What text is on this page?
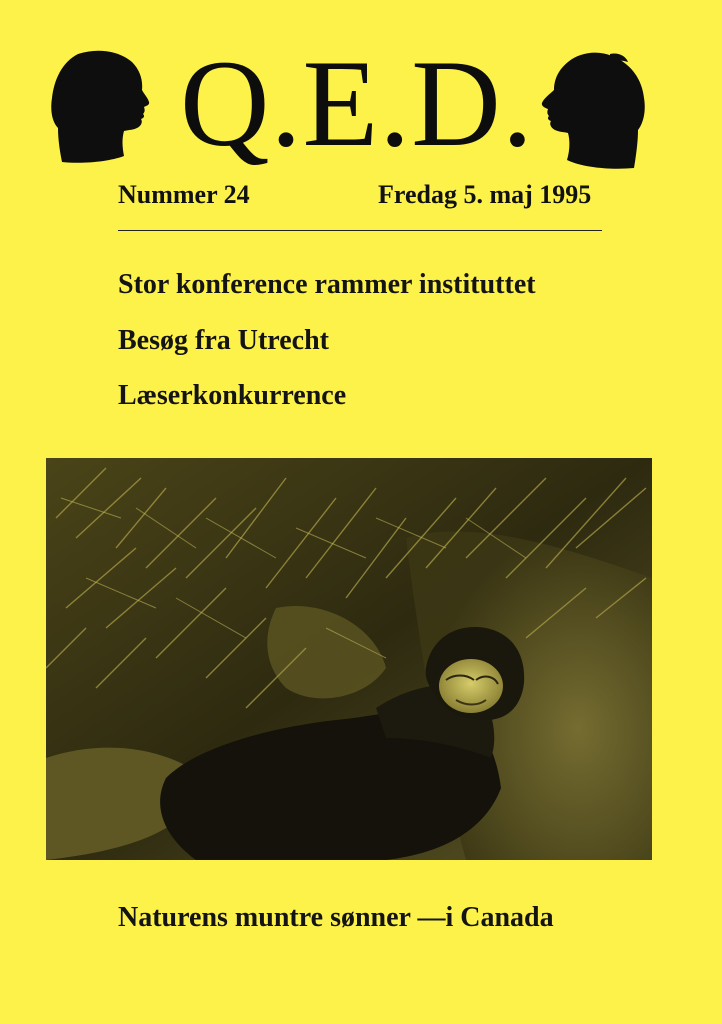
Q.E.D.
Nummer 24	Fredag 5. maj 1995
Stor konference rammer instituttet
Besøg fra Utrecht
Læserkonkurrence
Naturens muntre sønner —i Canada
